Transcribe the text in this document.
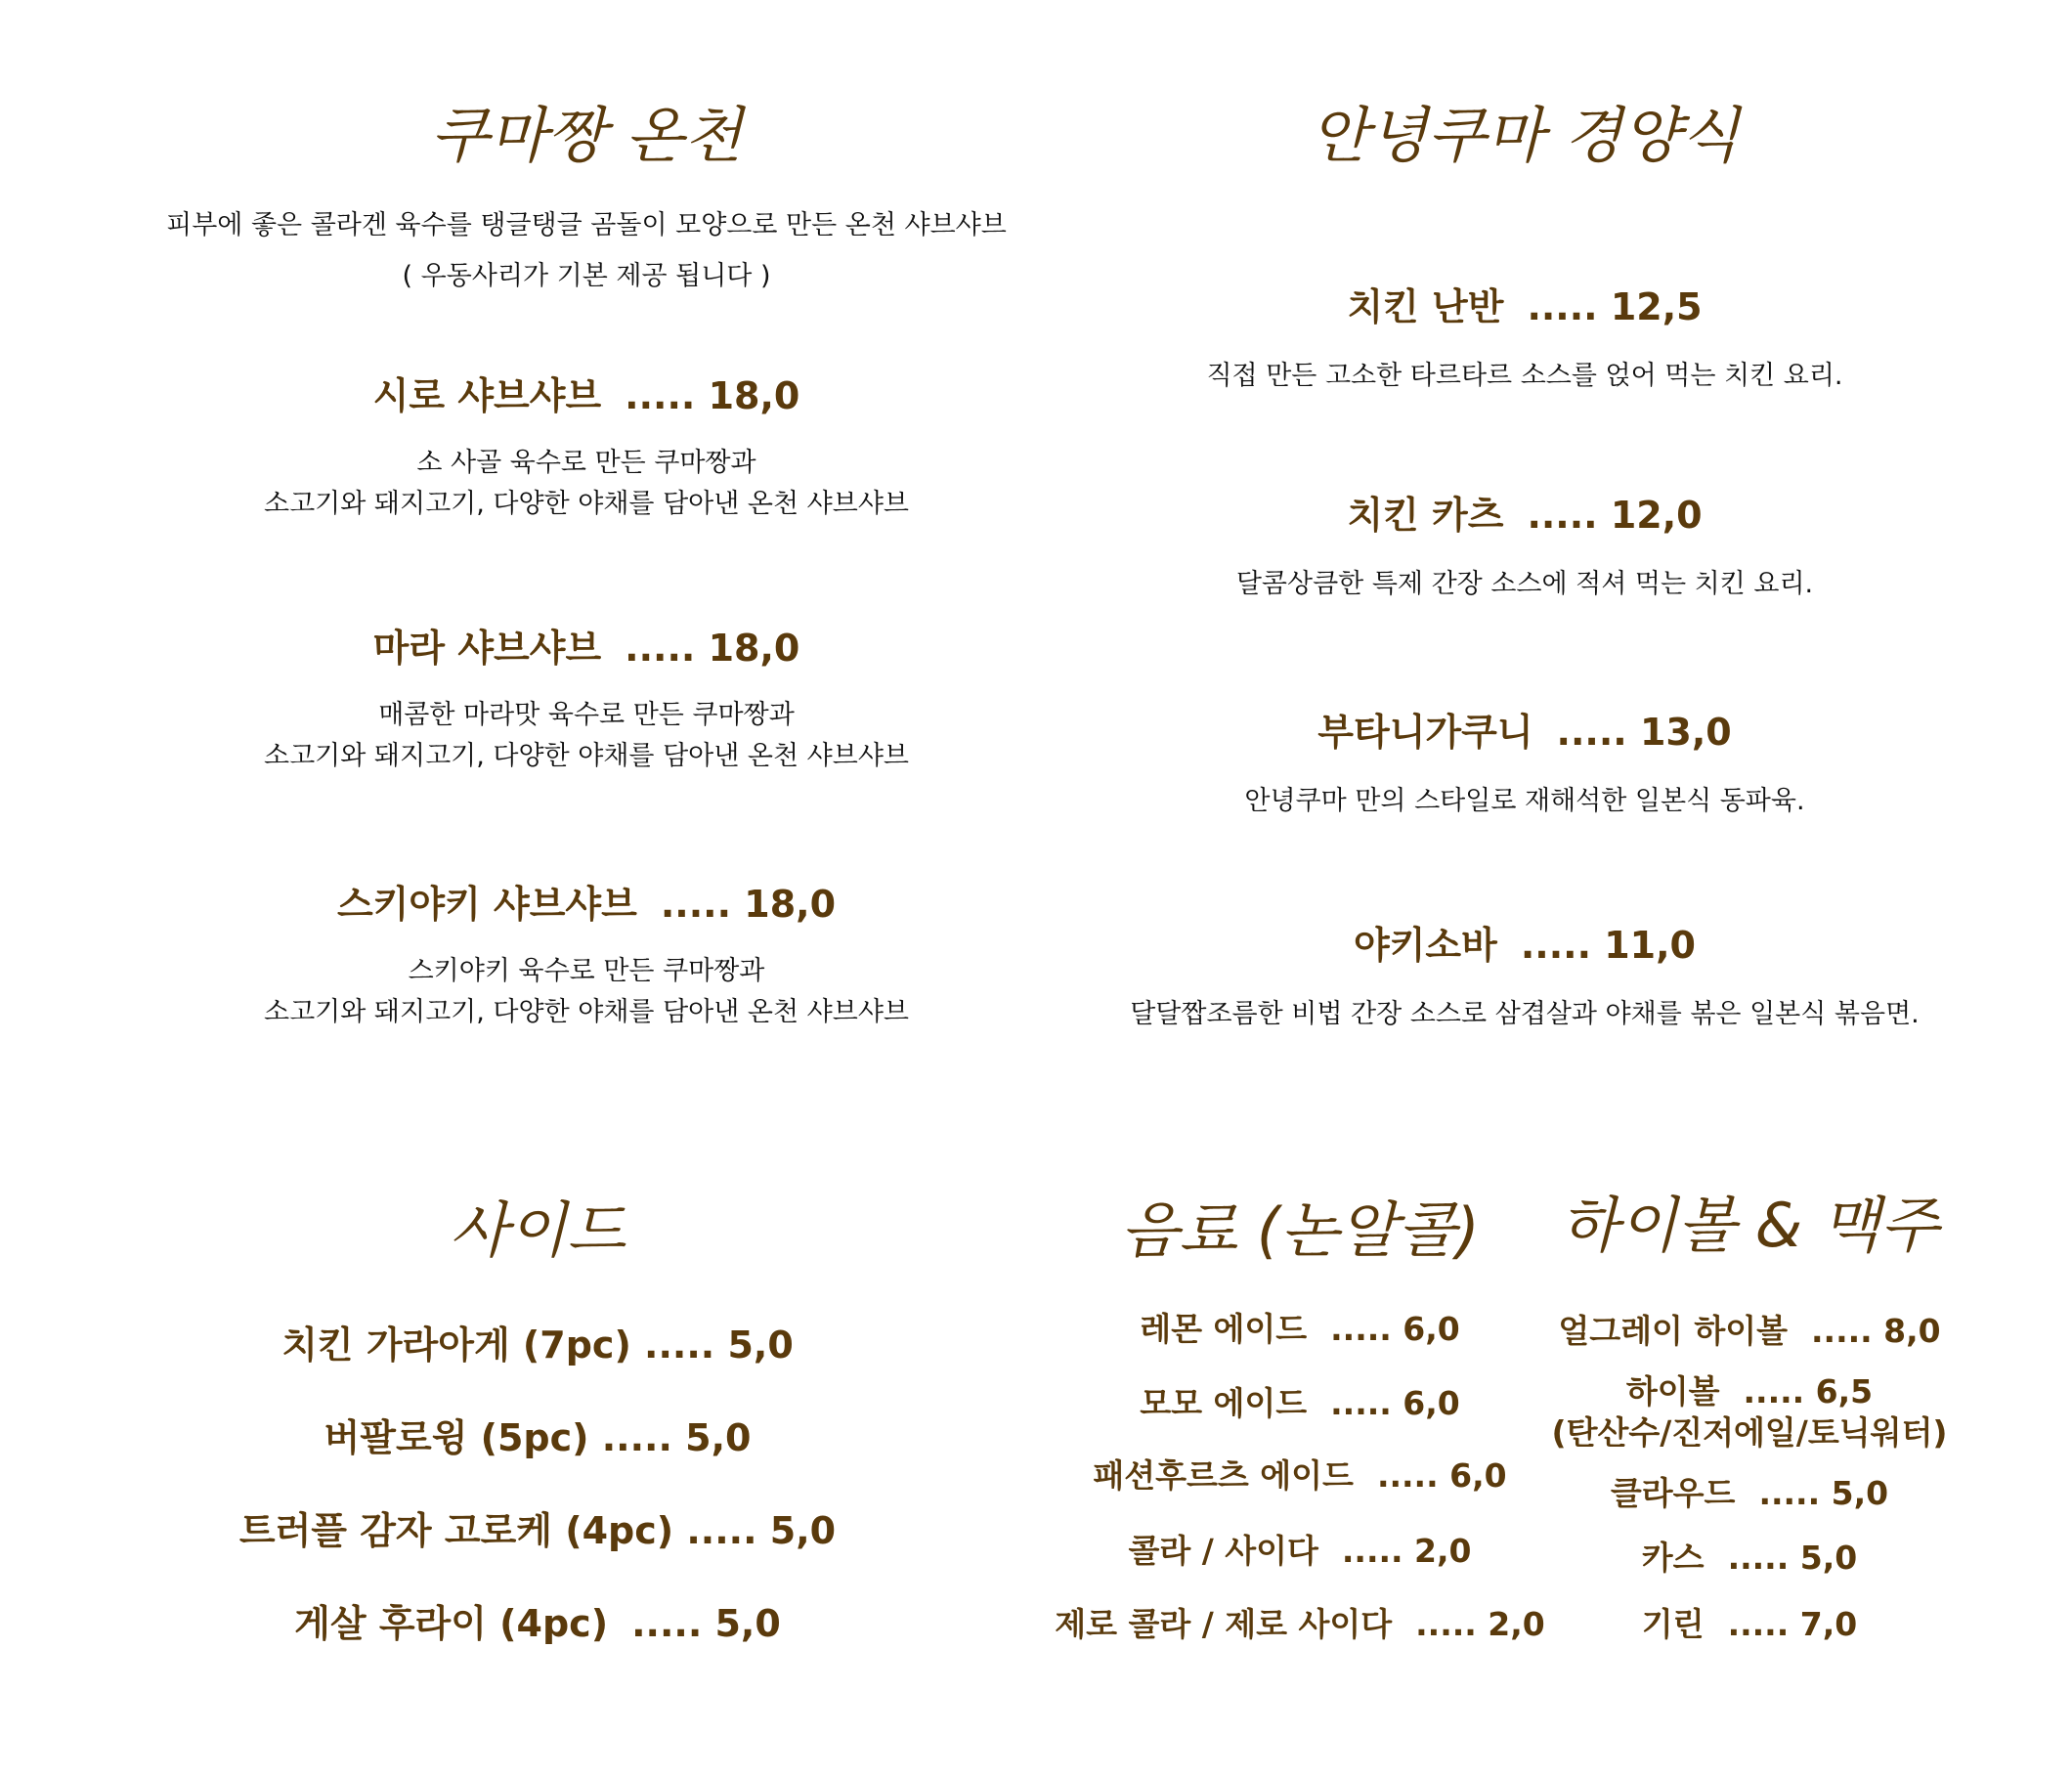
쿠마짱 온천

피부에 좋은 콜라겐 육수를 탱글탱글 곰돌이 모양으로 만든 온천 샤브샤브

( 우동사리가 기본 제공 됩니다 )

시로 샤브샤브 ..... 18,0

소 사골 육수로 만든 쿠마짱과

소고기와 돼지고기, 다양한 야채를 담아낸 온천 샤브샤브

마라 샤브샤브 ..... 18,0

매콤한 마라맛 육수로 만든 쿠마짱과

소고기와 돼지고기, 다양한 야채를 담아낸 온천 샤브샤브

스키야키 샤브샤브 ..... 18,0

스키야키 육수로 만든 쿠마짱과

소고기와 돼지고기, 다양한 야채를 담아낸 온천 샤브샤브

안녕쿠마 경양식

치킨 난반 ..... 12,5

직접 만든 고소한 타르타르 소스를 얹어 먹는 치킨 요리.

치킨 카츠 ..... 12,0

달콤상큼한 특제 간장 소스에 적셔 먹는 치킨 요리.

부타니가쿠니 ..... 13,0

안녕쿠마 만의 스타일로 재해석한 일본식 동파육.

야키소바 ..... 11,0

달달짭조름한 비법 간장 소스로 삼겹살과 야채를 볶은 일본식 볶음면.

사이드

치킨 가라아게 (7pc) ..... 5,0

버팔로윙 (5pc) ..... 5,0

트러플 감자 고로케 (4pc) ..... 5,0

게살 후라이 (4pc) ..... 5,0

음료 (논알콜)

레몬 에이드 ..... 6,0

모모 에이드 ..... 6,0

패션후르츠 에이드 ..... 6,0

콜라 / 사이다 ..... 2,0

제로 콜라 / 제로 사이다 ..... 2,0

하이볼 & 맥주

얼그레이 하이볼 ..... 8,0

하이볼 ..... 6,5

(탄산수/진저에일/토닉워터)

클라우드 ..... 5,0

카스 ..... 5,0

기린 ..... 7,0
